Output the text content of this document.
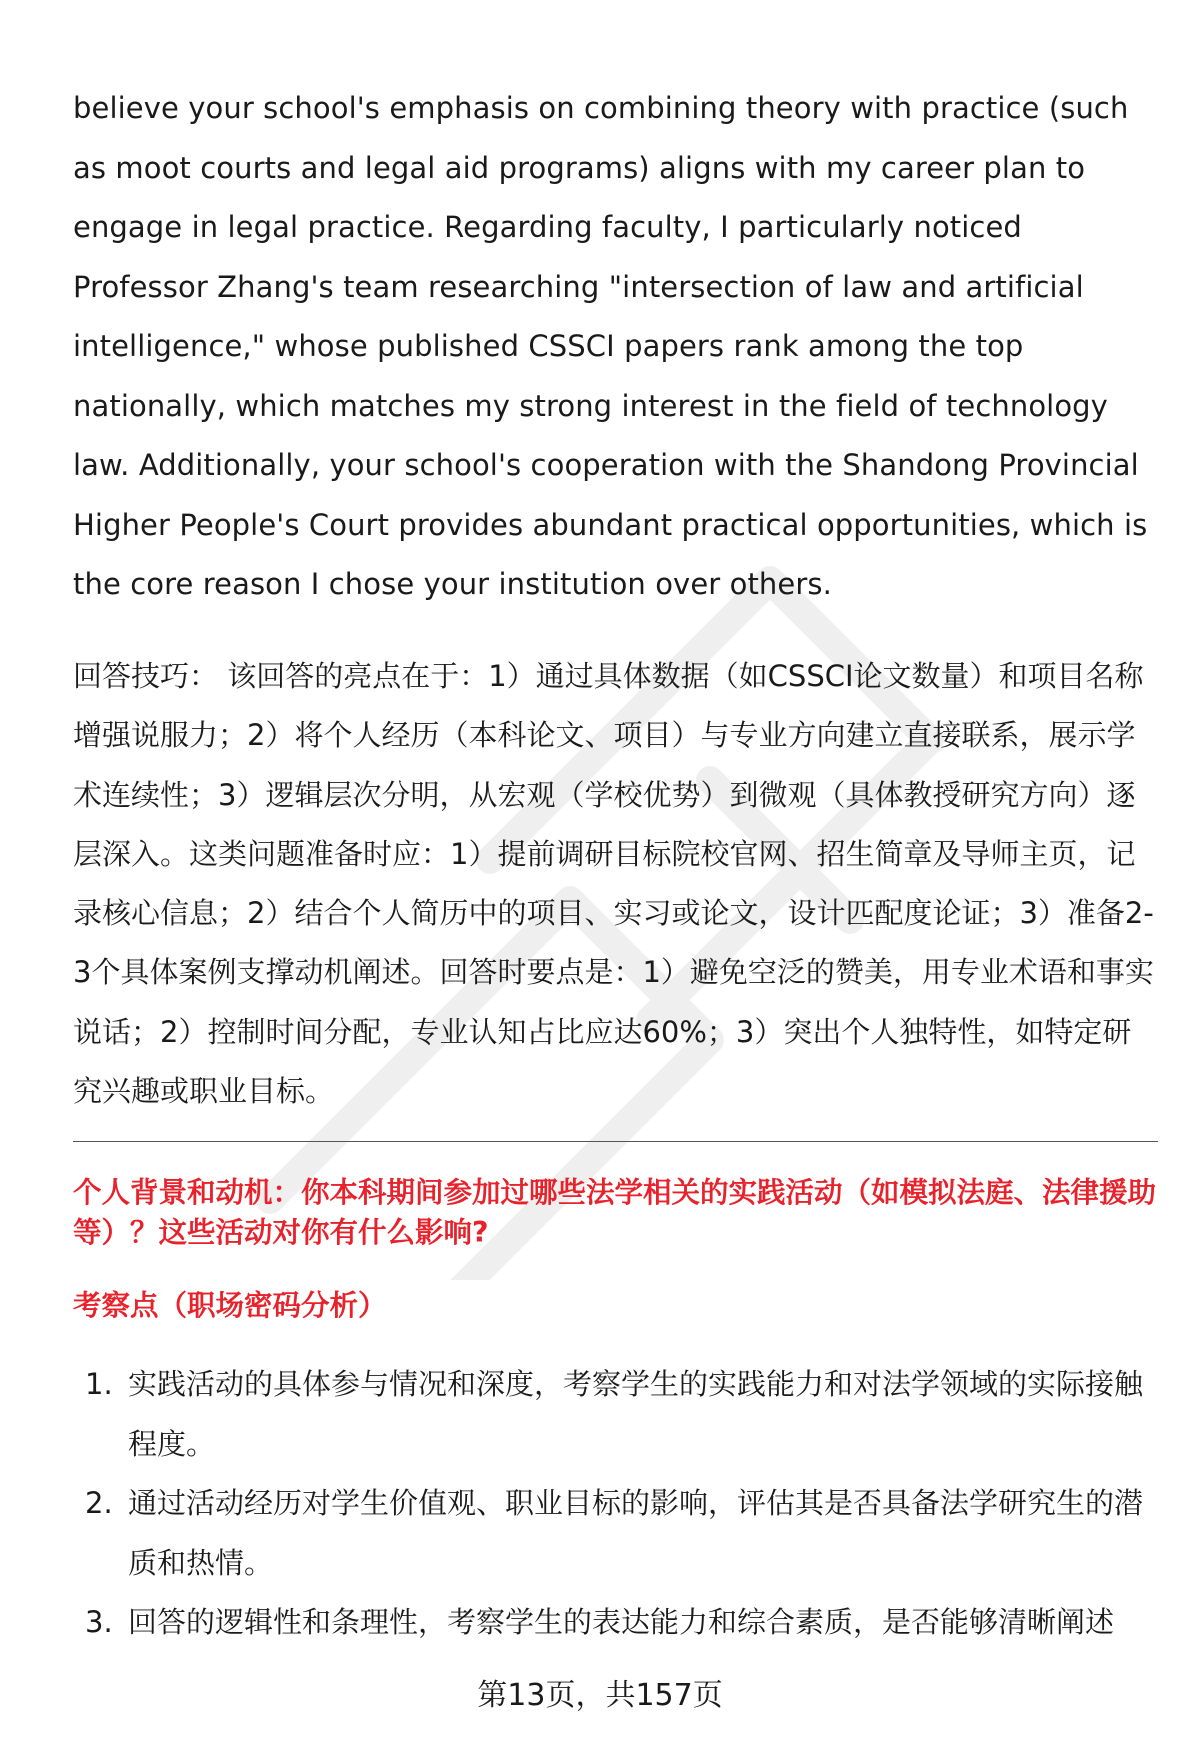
believe your school's emphasis on combining theory with practice (such as moot courts and legal aid programs) aligns with my career plan to engage in legal practice. Regarding faculty, I particularly noticed Professor Zhang's team researching "intersection of law and artificial intelligence," whose published CSSCI papers rank among the top nationally, which matches my strong interest in the field of technology law. Additionally, your school's cooperation with the Shandong Provincial Higher People's Court provides abundant practical opportunities, which is the core reason I chose your institution over others.

回答技巧： 该回答的亮点在于：1）通过具体数据（如CSSCI论文数量）和项目名称增强说服力；2）将个人经历（本科论文、项目）与专业方向建立直接联系，展示学术连续性；3）逻辑层次分明，从宏观（学校优势）到微观（具体教授研究方向）逐层深入。这类问题准备时应：1）提前调研目标院校官网、招生简章及导师主页，记录核心信息；2）结合个人简历中的项目、实习或论文，设计匹配度论证；3）准备2-3个具体案例支撑动机阐述。回答时要点是：1）避免空泛的赞美，用专业术语和事实说话；2）控制时间分配，专业认知占比应达60%；3）突出个人独特性，如特定研究兴趣或职业目标。

个人背景和动机：你本科期间参加过哪些法学相关的实践活动（如模拟法庭、法律援助等）？这些活动对你有什么影响?
考察点（职场密码分析）
1. 实践活动的具体参与情况和深度，考察学生的实践能力和对法学领域的实际接触程度。
2. 通过活动经历对学生价值观、职业目标的影响，评估其是否具备法学研究生的潜质和热情。
3. 回答的逻辑性和条理性，考察学生的表达能力和综合素质，是否能够清晰阐述
第13页，共157页
